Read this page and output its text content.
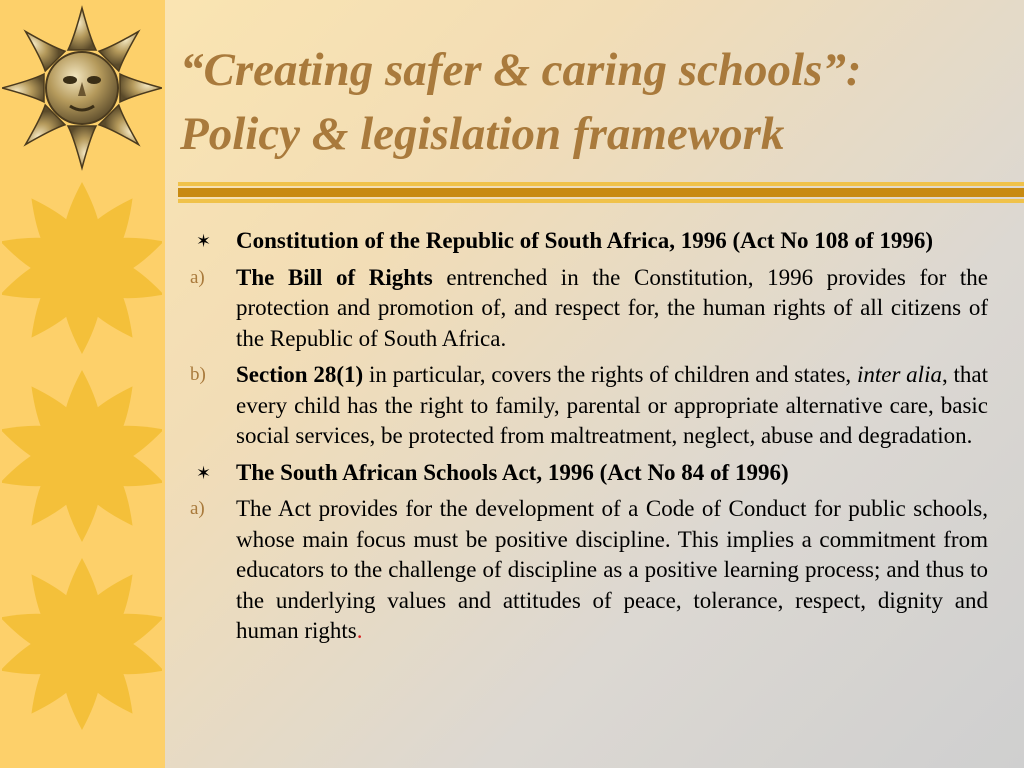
“Creating safer & caring schools”:
Policy & legislation framework
✶	Constitution of the Republic of South Africa, 1996 (Act No 108 of 1996)
a)	The Bill of Rights entrenched in the Constitution, 1996 provides for the protection and promotion of, and respect for, the human rights of all citizens of the Republic of South Africa.
b)	Section 28(1) in particular, covers the rights of children and states, inter alia, that every child has the right to family, parental or appropriate alternative care, basic social services, be protected from maltreatment, neglect, abuse and degradation.
✶	The South African Schools Act, 1996 (Act No 84 of 1996)
a)	The Act provides for the development of a Code of Conduct for public schools, whose main focus must be positive discipline. This implies a commitment from educators to the challenge of discipline as a positive learning process; and thus to the underlying values and attitudes of peace, tolerance, respect, dignity and human rights.
